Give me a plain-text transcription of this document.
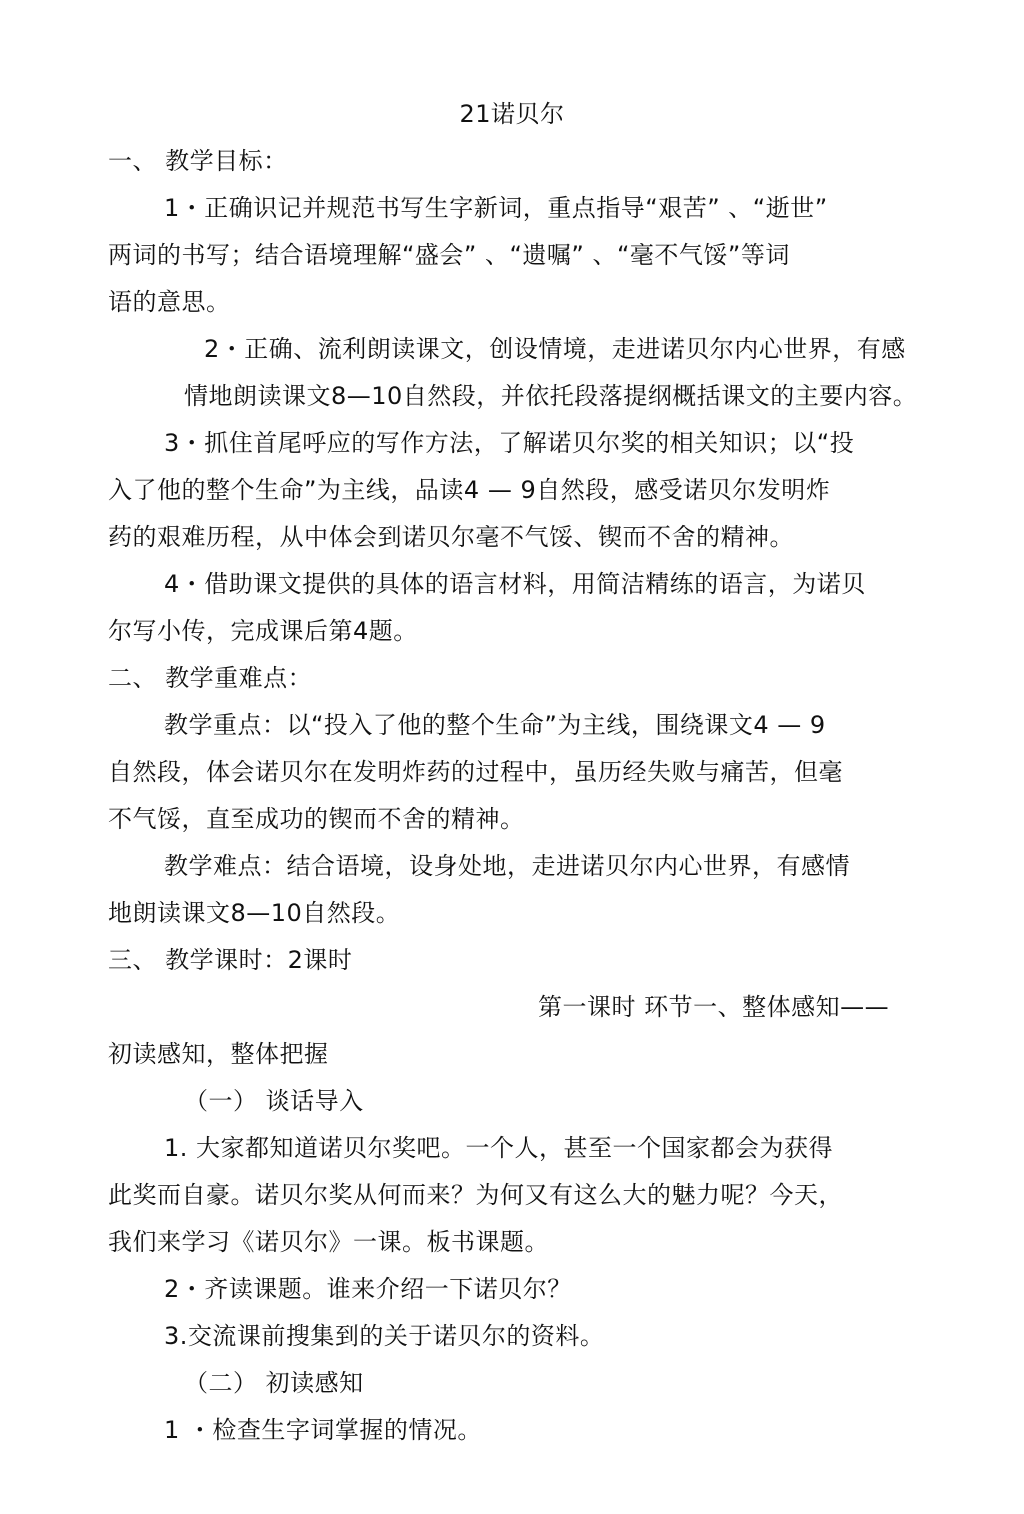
21诺贝尔
一、 教学目标：
1・正确识记并规范书写生字新词，重点指导“艰苦” 、“逝世”
两词的书写；结合语境理解“盛会” 、“遗嘱” 、“毫不气馁”等词
语的意思。
2・正确、流利朗读课文，创设情境，走进诺贝尔内心世界，有感
情地朗读课文8—10自然段，并依托段落提纲概括课文的主要内容。
3・抓住首尾呼应的写作方法，了解诺贝尔奖的相关知识；以“投
入了他的整个生命”为主线，品读4 — 9自然段，感受诺贝尔发明炸
药的艰难历程，从中体会到诺贝尔毫不气馁、锲而不舍的精神。
4・借助课文提供的具体的语言材料，用简洁精练的语言，为诺贝
尔写小传，完成课后第4题。
二、 教学重难点：
教学重点：以“投入了他的整个生命”为主线，围绕课文4 — 9
自然段，体会诺贝尔在发明炸药的过程中，虽历经失败与痛苦，但毫
不气馁，直至成功的锲而不舍的精神。
教学难点：结合语境，设身处地，走进诺贝尔内心世界，有感情
地朗读课文8—10自然段。
三、 教学课时：2课时
第一课时 环节一、整体感知——
初读感知，整体把握
（一） 谈话导入
1. 大家都知道诺贝尔奖吧。一个人，甚至一个国家都会为获得
此奖而自豪。诺贝尔奖从何而来？为何又有这么大的魅力呢？今天，
我们来学习《诺贝尔》一课。板书课题。
2・齐读课题。谁来介绍一下诺贝尔？
3.交流课前搜集到的关于诺贝尔的资料。
（二） 初读感知
1 ・检查生字词掌握的情况。
